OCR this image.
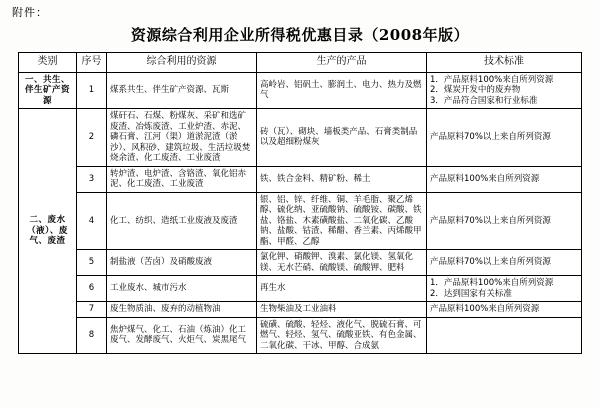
附件：
资源综合利用企业所得税优惠目录（2008年版）
类别	序号	综合利用的资源	生产的产品	技术标准
一、共生、伴生矿产资源	1	煤系共生、伴生矿产资源、瓦斯	高岭岩、铝矾土、膨润土、电力、热力及燃气	1．产品原料100%来自所列资源
2．煤炭开发中的废弃物
3．产品符合国家和行业标准

二、废水（液）、废气、废渣	2	煤矸石、石煤、粉煤灰、采矿和选矿废渣、冶炼废渣、工业炉渣、赤泥、磷石膏、江河（渠）道淤泥渣（淤沙）、风积砂、建筑垃圾、生活垃圾焚烧余渣、化工废渣、工业废渣	砖（瓦）、砌块、墙板类产品、石膏类制品以及超细粉煤灰	产品原料70%以上来自所列资源
	3	转炉渣、电炉渣、含铬渣、氧化铝赤泥、化工废渣、工业废渣	铁、铁合金料、精矿粉、稀土	产品原料100%来自所列资源
	4	化工、纺织、造纸工业废液及废渣	银、铝、锌、纤维、铜、羊毛脂、聚乙烯醇、硫化纳、亚硫酸钠、硫酸铵、碳酸、铁盐、铬盐、木素磺酸盐、二氧化碳、乙酸钠、盐酸、钴渣、稀醋、香兰素、丙烯酸甲酯、甲醛、乙醇	产品原料70%以上来自所列资源
	5	制盐液（苦卤）及硝酸废液	氯化钾、硝酸钾、溴素、氯化镁、氢氧化镁、无水芒硝、硫酸镁、硫酸钾、肥料	产品原料70%以上来自所列资源
	6	工业废水、城市污水	再生水	1．产品原料100%来自所列资源
2．达到国家有关标准

	7	废生物质油、废弃的动植物油	生物柴油及工业油料	产品原料100%来自所列资源
	8	焦炉煤气、化工、石油（炼油）化工废气、发酵废气、火炬气、炭黑尾气	硫磺、硫酸、轻烃、液化气、脱硫石膏、可燃气、轻烃、氢气、硫酸亚铁、有色金属、二氧化碳、干冰、甲醇、合成氨	
